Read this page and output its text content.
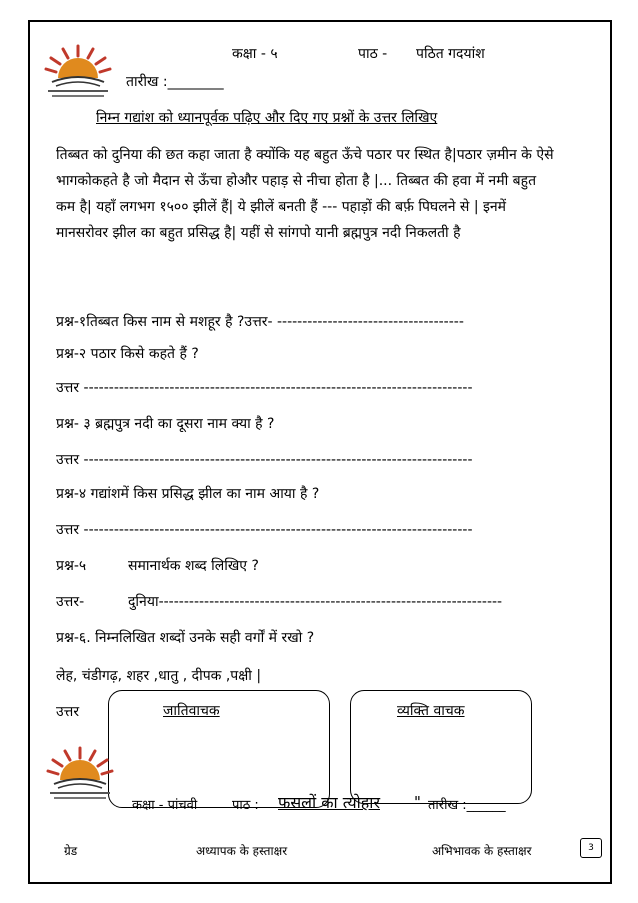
कक्षा - ५	पाठ - पठित गदयांश
तारीख :________
निम्न गद्यांश को ध्यानपूर्वक पढ़िए और दिए गए प्रश्नों के उत्तर लिखिए
तिब्बत को दुनिया की छत कहा जाता है क्योंकि यह बहुत ऊँचे पठार पर स्थित है|पठार ज़मीन के ऐसे भागकोकहते है जो मैदान से ऊँचा होऔर पहाड़ से नीचा होता है |... तिब्बत की हवा में नमी बहुत कम है| यहाँ लगभग १५०० झीलें हैं| ये झीलें बनती हैं --- पहाड़ों की बर्फ़ पिघलने से | इनमें मानसरोवर झील का बहुत प्रसिद्ध है| यहीं से सांगपो यानी ब्रह्मपुत्र नदी निकलती है
प्रश्न-१तिब्बत किस नाम से मशहूर है ?उत्तर- -------------------------------------
प्रश्न-२ पठार किसे कहते हैं ?
उत्तर -----------------------------------------------------------------------------
प्रश्न- ३ ब्रह्मपुत्र नदी का दूसरा नाम क्या है ?
उत्तर -----------------------------------------------------------------------------
प्रश्न-४ गद्यांशमें किस प्रसिद्ध झील का नाम आया है ?
उत्तर -----------------------------------------------------------------------------
प्रश्न-५	समानार्थक शब्द लिखिए ?
उत्तर-	दुनिया--------------------------------------------------------------------
प्रश्न-६. निम्नलिखित शब्दों उनके सही वर्गों में रखो ?
लेह, चंडीगढ़, शहर ,धातु , दीपक ,पक्षी |
उत्तर	जातिवाचक	व्यक्ति वाचक
कक्षा - पांचवी	पाठ : फसलों का त्योहार " तारीख :______
ग्रेड	अध्यापक के हस्ताक्षर	अभिभावक के हस्ताक्षर	3
